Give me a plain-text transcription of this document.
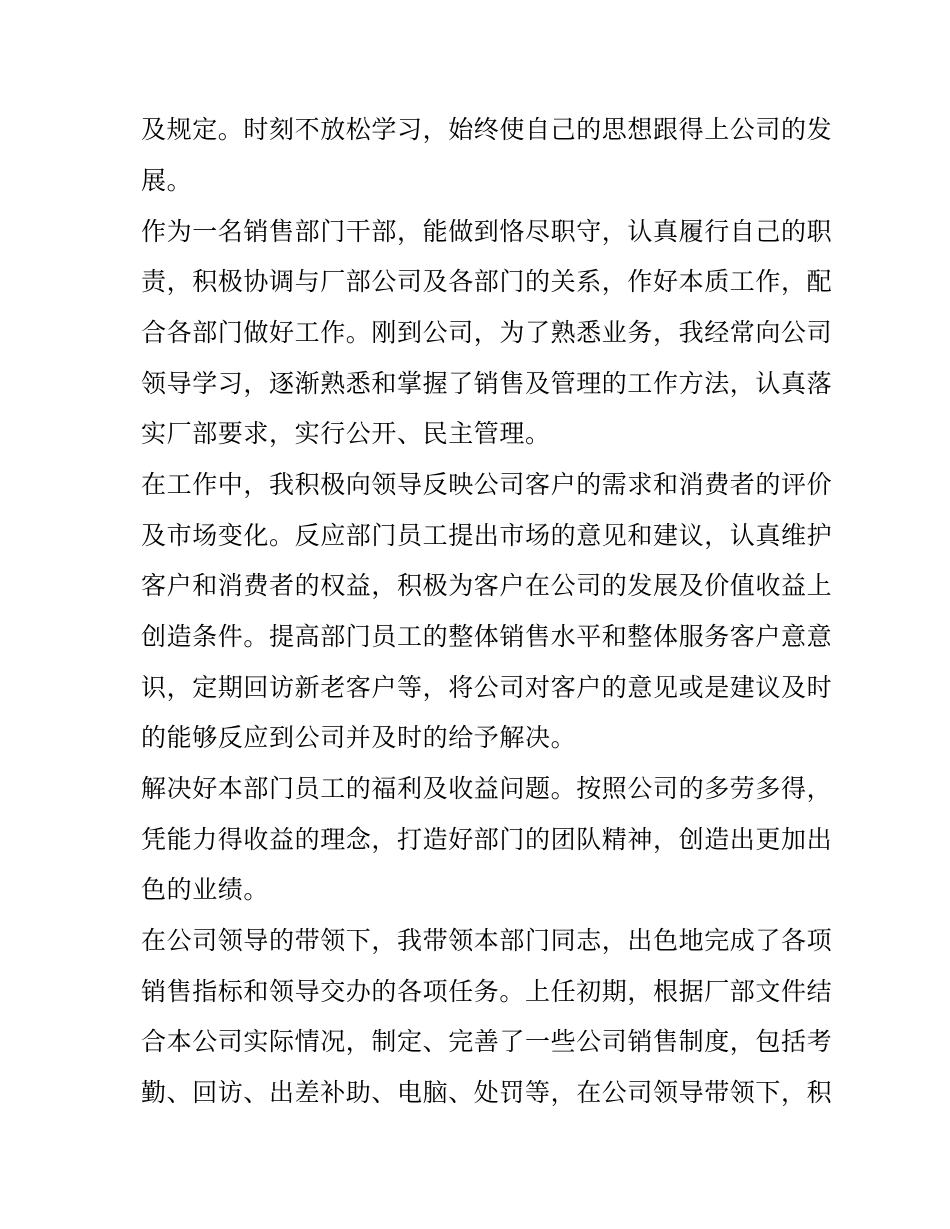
及规定。时刻不放松学习，始终使自己的思想跟得上公司的发
展。
作为一名销售部门干部，能做到恪尽职守，认真履行自己的职
责，积极协调与厂部公司及各部门的关系，作好本质工作，配
合各部门做好工作。刚到公司，为了熟悉业务，我经常向公司
领导学习，逐渐熟悉和掌握了销售及管理的工作方法，认真落
实厂部要求，实行公开、民主管理。
在工作中，我积极向领导反映公司客户的需求和消费者的评价
及市场变化。反应部门员工提出市场的意见和建议，认真维护
客户和消费者的权益，积极为客户在公司的发展及价值收益上
创造条件。提高部门员工的整体销售水平和整体服务客户意意
识，定期回访新老客户等，将公司对客户的意见或是建议及时
的能够反应到公司并及时的给予解决。
解决好本部门员工的福利及收益问题。按照公司的多劳多得，
凭能力得收益的理念，打造好部门的团队精神，创造出更加出
色的业绩。
在公司领导的带领下，我带领本部门同志，出色地完成了各项
销售指标和领导交办的各项任务。上任初期，根据厂部文件结
合本公司实际情况，制定、完善了一些公司销售制度，包括考
勤、回访、出差补助、电脑、处罚等，在公司领导带领下，积
